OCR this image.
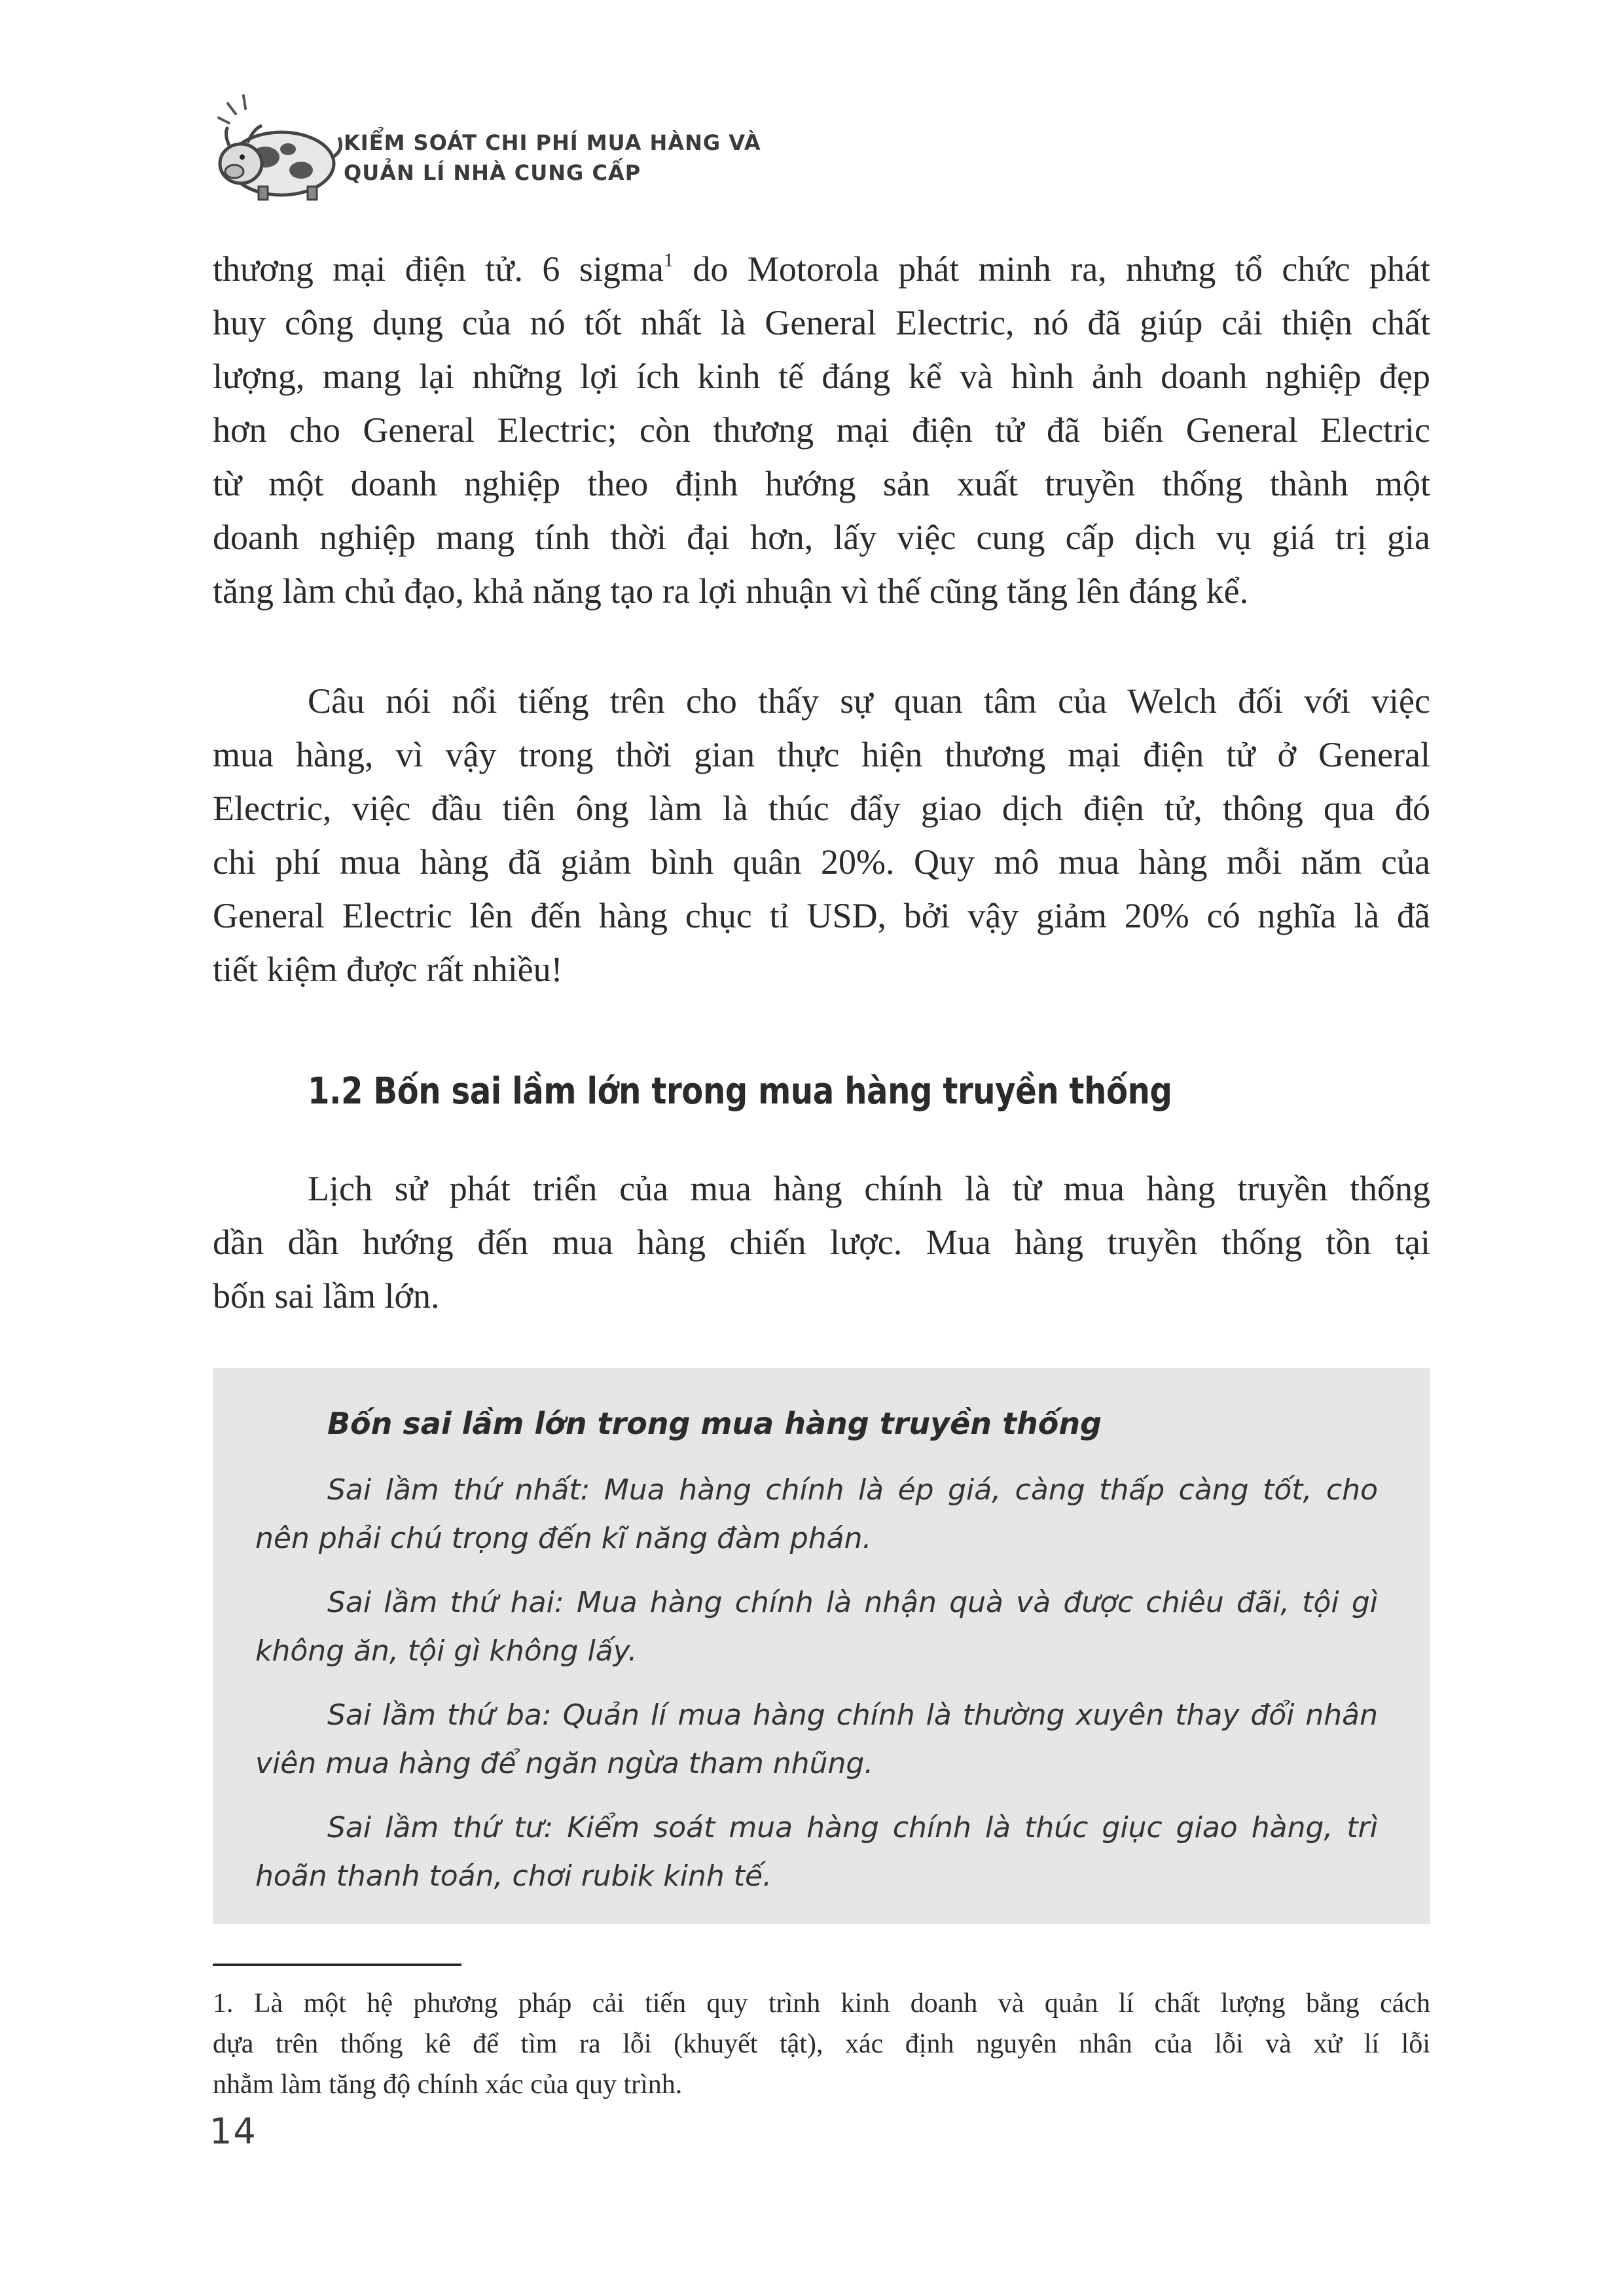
KIỂM SOÁT CHI PHÍ MUA HÀNG VÀ
QUẢN LÍ NHÀ CUNG CẤP
thương mại điện tử. 6 sigma$^1$ do Motorola phát minh ra, nhưng tổ chức phát
huy công dụng của nó tốt nhất là General Electric, nó đã giúp cải thiện chất
lượng, mang lại những lợi ích kinh tế đáng kể và hình ảnh doanh nghiệp đẹp
hơn cho General Electric; còn thương mại điện tử đã biến General Electric
từ một doanh nghiệp theo định hướng sản xuất truyền thống thành một
doanh nghiệp mang tính thời đại hơn, lấy việc cung cấp dịch vụ giá trị gia
tăng làm chủ đạo, khả năng tạo ra lợi nhuận vì thế cũng tăng lên đáng kể.
Câu nói nổi tiếng trên cho thấy sự quan tâm của Welch đối với việc
mua hàng, vì vậy trong thời gian thực hiện thương mại điện tử ở General
Electric, việc đầu tiên ông làm là thúc đẩy giao dịch điện tử, thông qua đó
chi phí mua hàng đã giảm bình quân 20%. Quy mô mua hàng mỗi năm của
General Electric lên đến hàng chục tỉ USD, bởi vậy giảm 20% có nghĩa là đã
tiết kiệm được rất nhiều!
1.2 Bốn sai lầm lớn trong mua hàng truyền thống
Lịch sử phát triển của mua hàng chính là từ mua hàng truyền thống
dần dần hướng đến mua hàng chiến lược. Mua hàng truyền thống tồn tại
bốn sai lầm lớn.
Bốn sai lầm lớn trong mua hàng truyền thống
Sai lầm thứ nhất: Mua hàng chính là ép giá, càng thấp càng tốt, cho
nên phải chú trọng đến kĩ năng đàm phán.
Sai lầm thứ hai: Mua hàng chính là nhận quà và được chiêu đãi, tội gì
không ăn, tội gì không lấy.
Sai lầm thứ ba: Quản lí mua hàng chính là thường xuyên thay đổi nhân
viên mua hàng để ngăn ngừa tham nhũng.
Sai lầm thứ tư: Kiểm soát mua hàng chính là thúc giục giao hàng, trì
hoãn thanh toán, chơi rubik kinh tế.
1. Là một hệ phương pháp cải tiến quy trình kinh doanh và quản lí chất lượng bằng cách
dựa trên thống kê để tìm ra lỗi (khuyết tật), xác định nguyên nhân của lỗi và xử lí lỗi
nhằm làm tăng độ chính xác của quy trình.
14
